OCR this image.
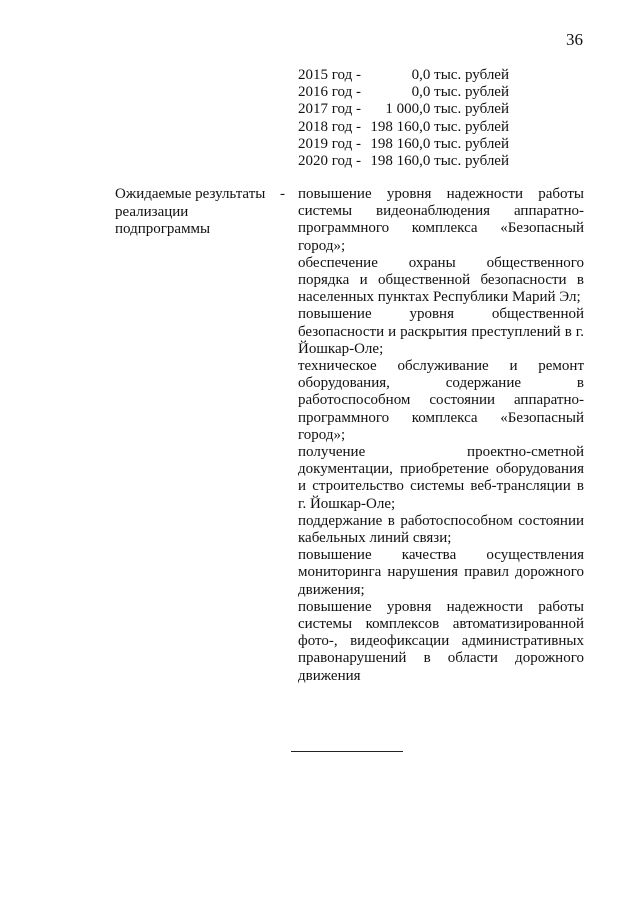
36
2015 год -	0,0 тыс. рублей
2016 год -	0,0 тыс. рублей
2017 год -	1 000,0 тыс. рублей
2018 год - 198 160,0 тыс. рублей
2019 год - 198 160,0 тыс. рублей
2020 год - 198 160,0 тыс. рублей
Ожидаемые результаты -
реализации
подпрограммы

повышение уровня надежности работы системы видеонаблюдения аппаратно-программного комплекса «Безопасный город»;

обеспечение охраны общественного порядка и общественной безопасности в населенных пунктах Республики Марий Эл;

повышение уровня общественной безопасности и раскрытия преступлений в г. Йошкар-Оле;

техническое обслуживание и ремонт оборудования, содержание в работоспособном состоянии аппаратно-программного комплекса «Безопасный город»;

получение проектно-сметной документации, приобретение оборудования и строительство системы веб-трансляции в г. Йошкар-Оле;

поддержание в работоспособном состоянии кабельных линий связи;

повышение качества осуществления мониторинга нарушения правил дорожного движения;

повышение уровня надежности работы системы комплексов автоматизированной фото-, видеофиксации административных правонарушений в области дорожного движения
